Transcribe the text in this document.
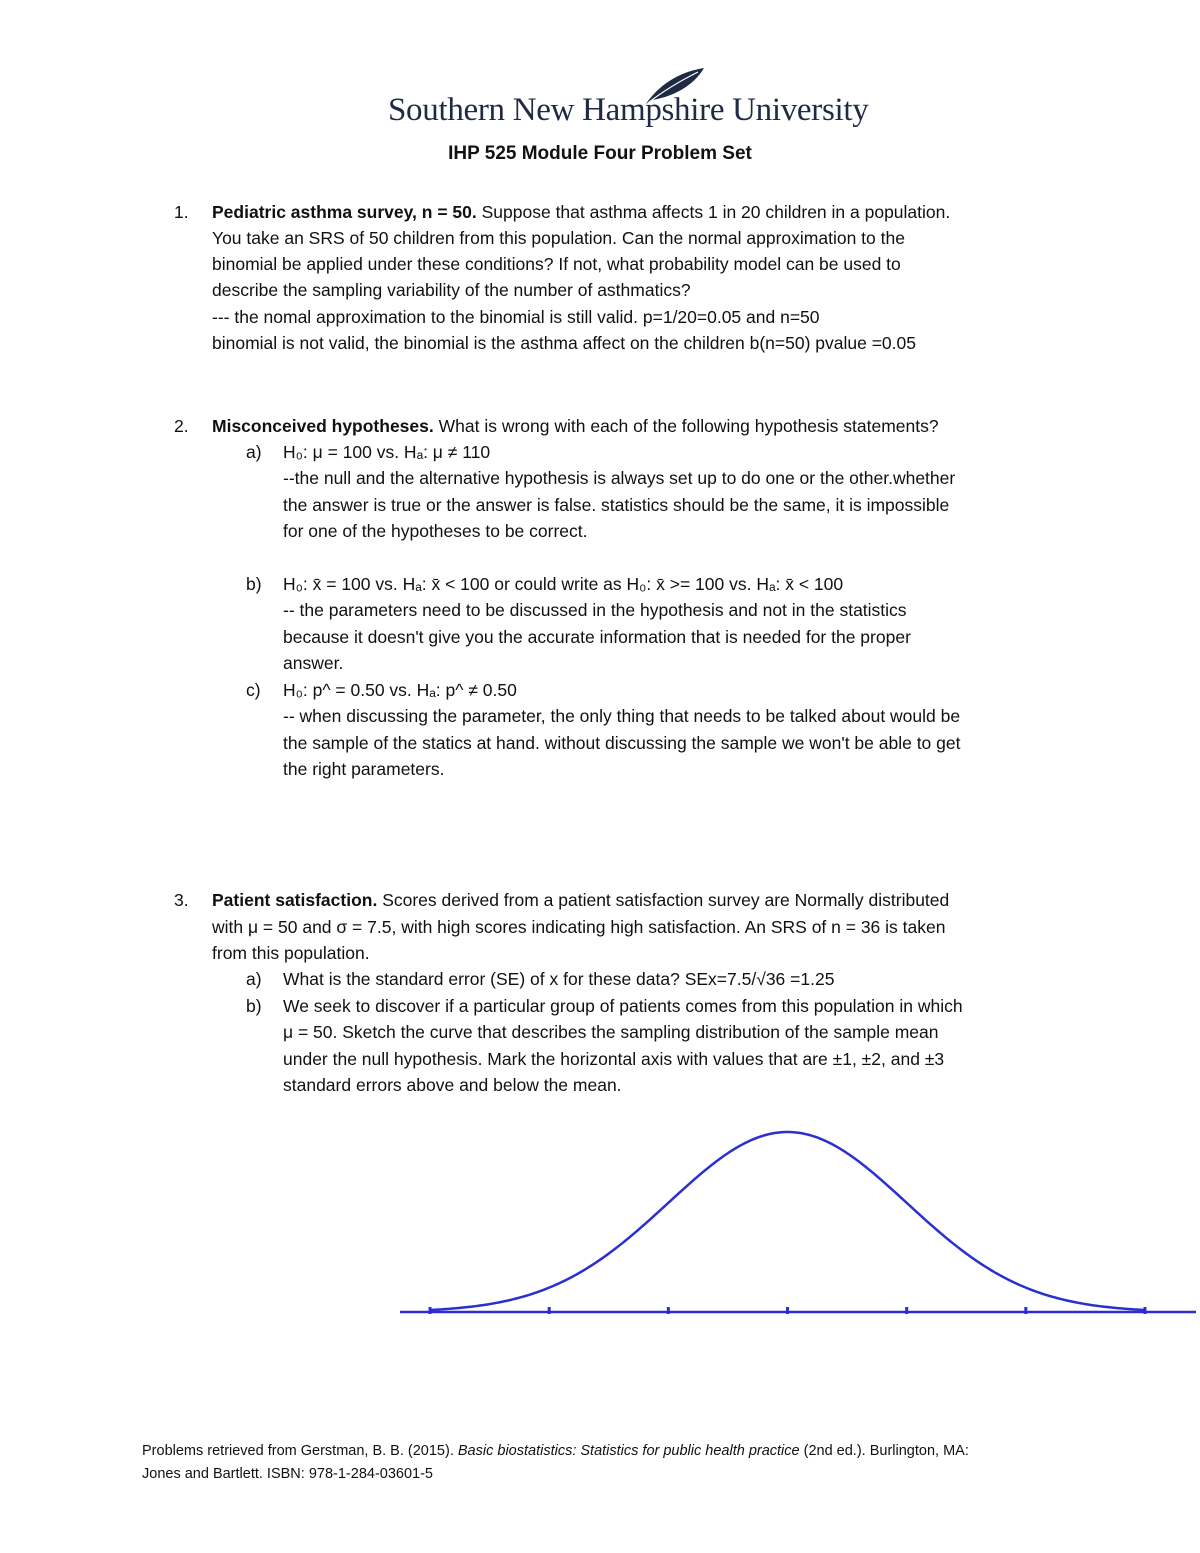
Southern New Hampshire University
IHP 525 Module Four Problem Set
1. Pediatric asthma survey, n = 50. Suppose that asthma affects 1 in 20 children in a population.
You take an SRS of 50 children from this population. Can the normal approximation to the
binomial be applied under these conditions? If not, what probability model can be used to
describe the sampling variability of the number of asthmatics?
--- the nomal approximation to the binomial is still valid. p=1/20=0.05 and n=50
binomial is not valid, the binomial is the asthma affect on the children b(n=50) pvalue =0.05
2. Misconceived hypotheses. What is wrong with each of the following hypothesis statements?
a) H₀: μ = 100 vs. Hₐ: μ ≠ 110
--the null and the alternative hypothesis is always set up to do one or the other.whether
the answer is true or the answer is false. statistics should be the same, it is impossible
for one of the hypotheses to be correct.
b) H₀: x̄ = 100 vs. Hₐ: x̄ < 100 or could write as H₀: x̄ >= 100 vs. Hₐ: x̄ < 100
-- the parameters need to be discussed in the hypothesis and not in the statistics
because it doesn't give you the accurate information that is needed for the proper
answer.
c) H₀: p^ = 0.50 vs. Hₐ: p^ ≠ 0.50
-- when discussing the parameter, the only thing that needs to be talked about would be
the sample of the statics at hand. without discussing the sample we won't be able to get
the right parameters.
3. Patient satisfaction. Scores derived from a patient satisfaction survey are Normally distributed
with μ = 50 and σ = 7.5, with high scores indicating high satisfaction. An SRS of n = 36 is taken
from this population.
a) What is the standard error (SE) of x for these data? SEx=7.5/√36 =1.25
b) We seek to discover if a particular group of patients comes from this population in which
μ = 50. Sketch the curve that describes the sampling distribution of the sample mean
under the null hypothesis. Mark the horizontal axis with values that are ±1, ±2, and ±3
standard errors above and below the mean.
Problems retrieved from Gerstman, B. B. (2015). Basic biostatistics: Statistics for public health practice (2nd ed.). Burlington, MA:
Jones and Bartlett. ISBN: 978-1-284-03601-5
